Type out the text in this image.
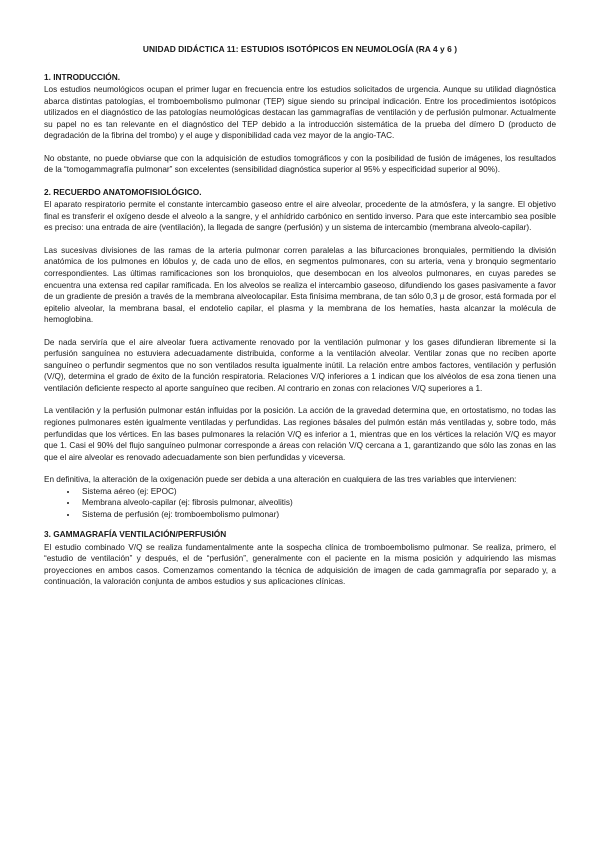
UNIDAD DIDÁCTICA 11: ESTUDIOS ISOTÓPICOS EN NEUMOLOGÍA (RA 4 y 6 )
1. INTRODUCCIÓN.

Los estudios neumológicos ocupan el primer lugar en frecuencia entre los estudios solicitados de urgencia. Aunque su utilidad diagnóstica abarca distintas patologías, el tromboembolismo pulmonar (TEP) sigue siendo su principal indicación. Entre los procedimientos isotópicos utilizados en el diagnóstico de las patologías neumológicas destacan las gammagrafías de ventilación y de perfusión pulmonar. Actualmente su papel no es tan relevante en el diagnóstico del TEP debido a la introducción sistemática de la prueba del dímero D (producto de degradación de la fibrina del trombo) y el auge y disponibilidad cada vez mayor de la angio-TAC.

No obstante, no puede obviarse que con la adquisición de estudios tomográficos y con la posibilidad de fusión de imágenes, los resultados de la “tomogammagrafía pulmonar” son excelentes (sensibilidad diagnóstica superior al 95% y especificidad superior al 90%).

2. RECUERDO ANATOMOFISIOLÓGICO.

El aparato respiratorio permite el constante intercambio gaseoso entre el aire alveolar, procedente de la atmósfera, y la sangre. El objetivo final es transferir el oxígeno desde el alveolo a la sangre, y el anhídrido carbónico en sentido inverso. Para que este intercambio sea posible es preciso: una entrada de aire (ventilación), la llegada de sangre (perfusión) y un sistema de intercambio (membrana alveolo-capilar).

Las sucesivas divisiones de las ramas de la arteria pulmonar corren paralelas a las bifurcaciones bronquiales, permitiendo la división anatómica de los pulmones en lóbulos y, de cada uno de ellos, en segmentos pulmonares, con su arteria, vena y bronquio segmentario correspondientes. Las últimas ramificaciones son los bronquiolos, que desembocan en los alveolos pulmonares, en cuyas paredes se encuentra una extensa red capilar ramificada. En los alveolos se realiza el intercambio gaseoso, difundiendo los gases pasivamente a favor de un gradiente de presión a través de la membrana alveolocapilar. Esta finísima membrana, de tan sólo 0,3 µ de grosor, está formada por el epitelio alveolar, la membrana basal, el endotelio capilar, el plasma y la membrana de los hematíes, hasta alcanzar la molécula de hemoglobina.

De nada serviría que el aire alveolar fuera activamente renovado por la ventilación pulmonar y los gases difundieran libremente si la perfusión sanguínea no estuviera adecuadamente distribuida, conforme a la ventilación alveolar. Ventilar zonas que no reciben aporte sanguíneo o perfundir segmentos que no son ventilados resulta igualmente inútil. La relación entre ambos factores, ventilación y perfusión (V/Q), determina el grado de éxito de la función respiratoria. Relaciones V/Q inferiores a 1 indican que los alvéolos de esa zona tienen una ventilación deficiente respecto al aporte sanguíneo que reciben. Al contrario en zonas con relaciones V/Q superiores a 1.

La ventilación y la perfusión pulmonar están influidas por la posición. La acción de la gravedad determina que, en ortostatismo, no todas las regiones pulmonares estén igualmente ventiladas y perfundidas. Las regiones básales del pulmón están más ventiladas y, sobre todo, más perfundidas que los vértices. En las bases pulmonares la relación V/Q es inferior a 1, mientras que en los vértices la relación V/Q es mayor que 1. Casi el 90% del flujo sanguíneo pulmonar corresponde a áreas con relación V/Q cercana a 1, garantizando que sólo las zonas en las que el aire alveolar es renovado adecuadamente son bien perfundidas y viceversa.

En definitiva, la alteración de la oxigenación puede ser debida a una alteración en cualquiera de las tres variables que intervienen:

• Sistema aéreo (ej: EPOC)
• Membrana alveolo-capilar (ej: fibrosis pulmonar, alveolitis)
• Sistema de perfusión (ej: tromboembolismo pulmonar)
3. GAMMAGRAFÍA VENTILACIÓN/PERFUSIÓN

El estudio combinado V/Q se realiza fundamentalmente ante la sospecha clínica de tromboembolismo pulmonar. Se realiza, primero, el “estudio de ventilación” y después, el de “perfusión”, generalmente con el paciente en la misma posición y adquiriendo las mismas proyecciones en ambos casos. Comenzamos comentando la técnica de adquisición de imagen de cada gammagrafía por separado y, a continuación, la valoración conjunta de ambos estudios y sus aplicaciones clínicas.
